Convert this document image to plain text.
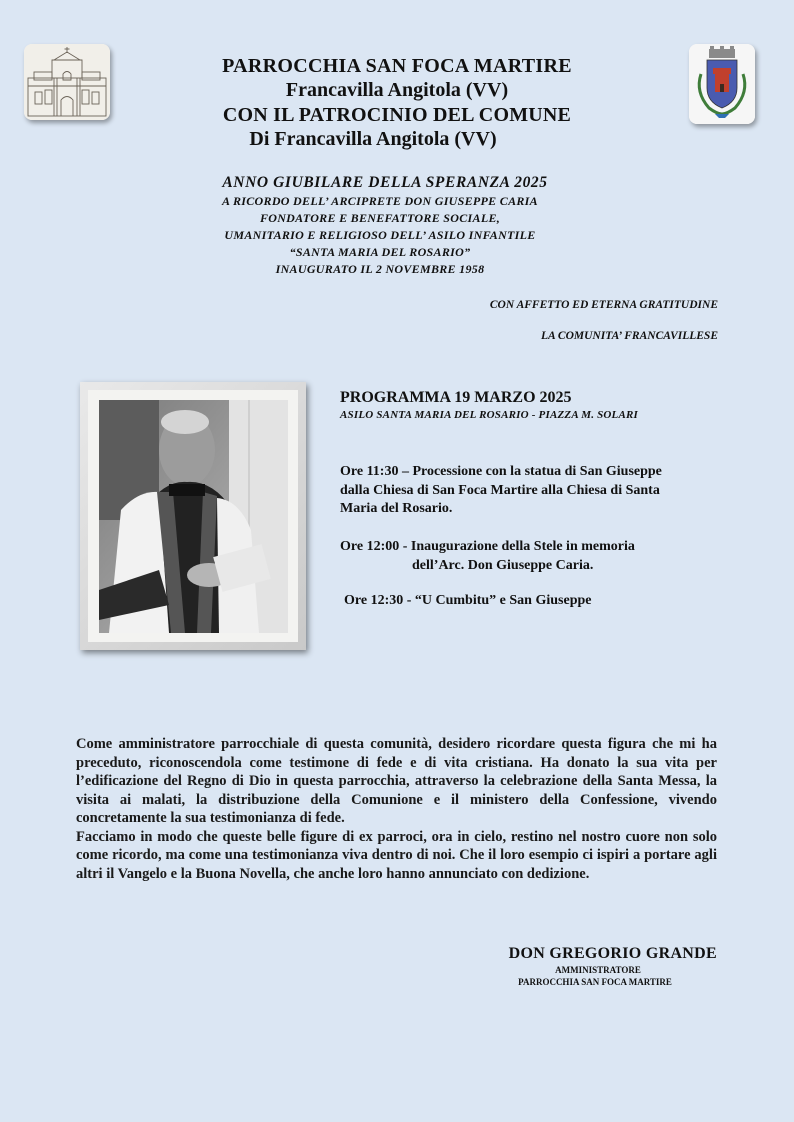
PARROCCHIA SAN FOCA MARTIRE
Francavilla Angitola (VV)
CON IL PATROCINIO DEL COMUNE
Di Francavilla Angitola (VV)
ANNO GIUBILARE DELLA SPERANZA 2025
A RICORDO DELL’ ARCIPRETE DON GIUSEPPE CARIA
FONDATORE E BENEFATTORE SOCIALE,
UMANITARIO E RELIGIOSO DELL’ ASILO INFANTILE
“SANTA MARIA DEL ROSARIO”
INAUGURATO IL 2 NOVEMBRE 1958
CON AFFETTO ED ETERNA GRATITUDINE
LA COMUNITA’ FRANCAVILLESE
PROGRAMMA 19 MARZO 2025
ASILO SANTA MARIA DEL ROSARIO - PIAZZA M. SOLARI
Ore 11:30 – Processione con la statua di San Giuseppe
dalla Chiesa di San Foca Martire alla Chiesa di Santa
Maria del Rosario.
Ore 12:00 - Inaugurazione della Stele in memoria
dell’Arc. Don Giuseppe Caria.
Ore 12:30 - “U Cumbitu” e San Giuseppe

Come amministratore parrocchiale di questa comunità, desidero ricordare questa figura che mi ha preceduto, riconoscendola come testimone di fede e di vita cristiana. Ha donato la sua vita per l’edificazione del Regno di Dio in questa parrocchia, attraverso la celebrazione della Santa Messa, la visita ai malati, la distribuzione della Comunione e il ministero della Confessione, vivendo concretamente la sua testimonianza di fede.

Facciamo in modo che queste belle figure di ex parroci, ora in cielo, restino nel nostro cuore non solo come ricordo, ma come una testimonianza viva dentro di noi. Che il loro esempio ci ispiri a portare agli altri il Vangelo e la Buona Novella, che anche loro hanno annunciato con dedizione.

DON GREGORIO GRANDE
AMMINISTRATORE
PARROCCHIA SAN FOCA MARTIRE
